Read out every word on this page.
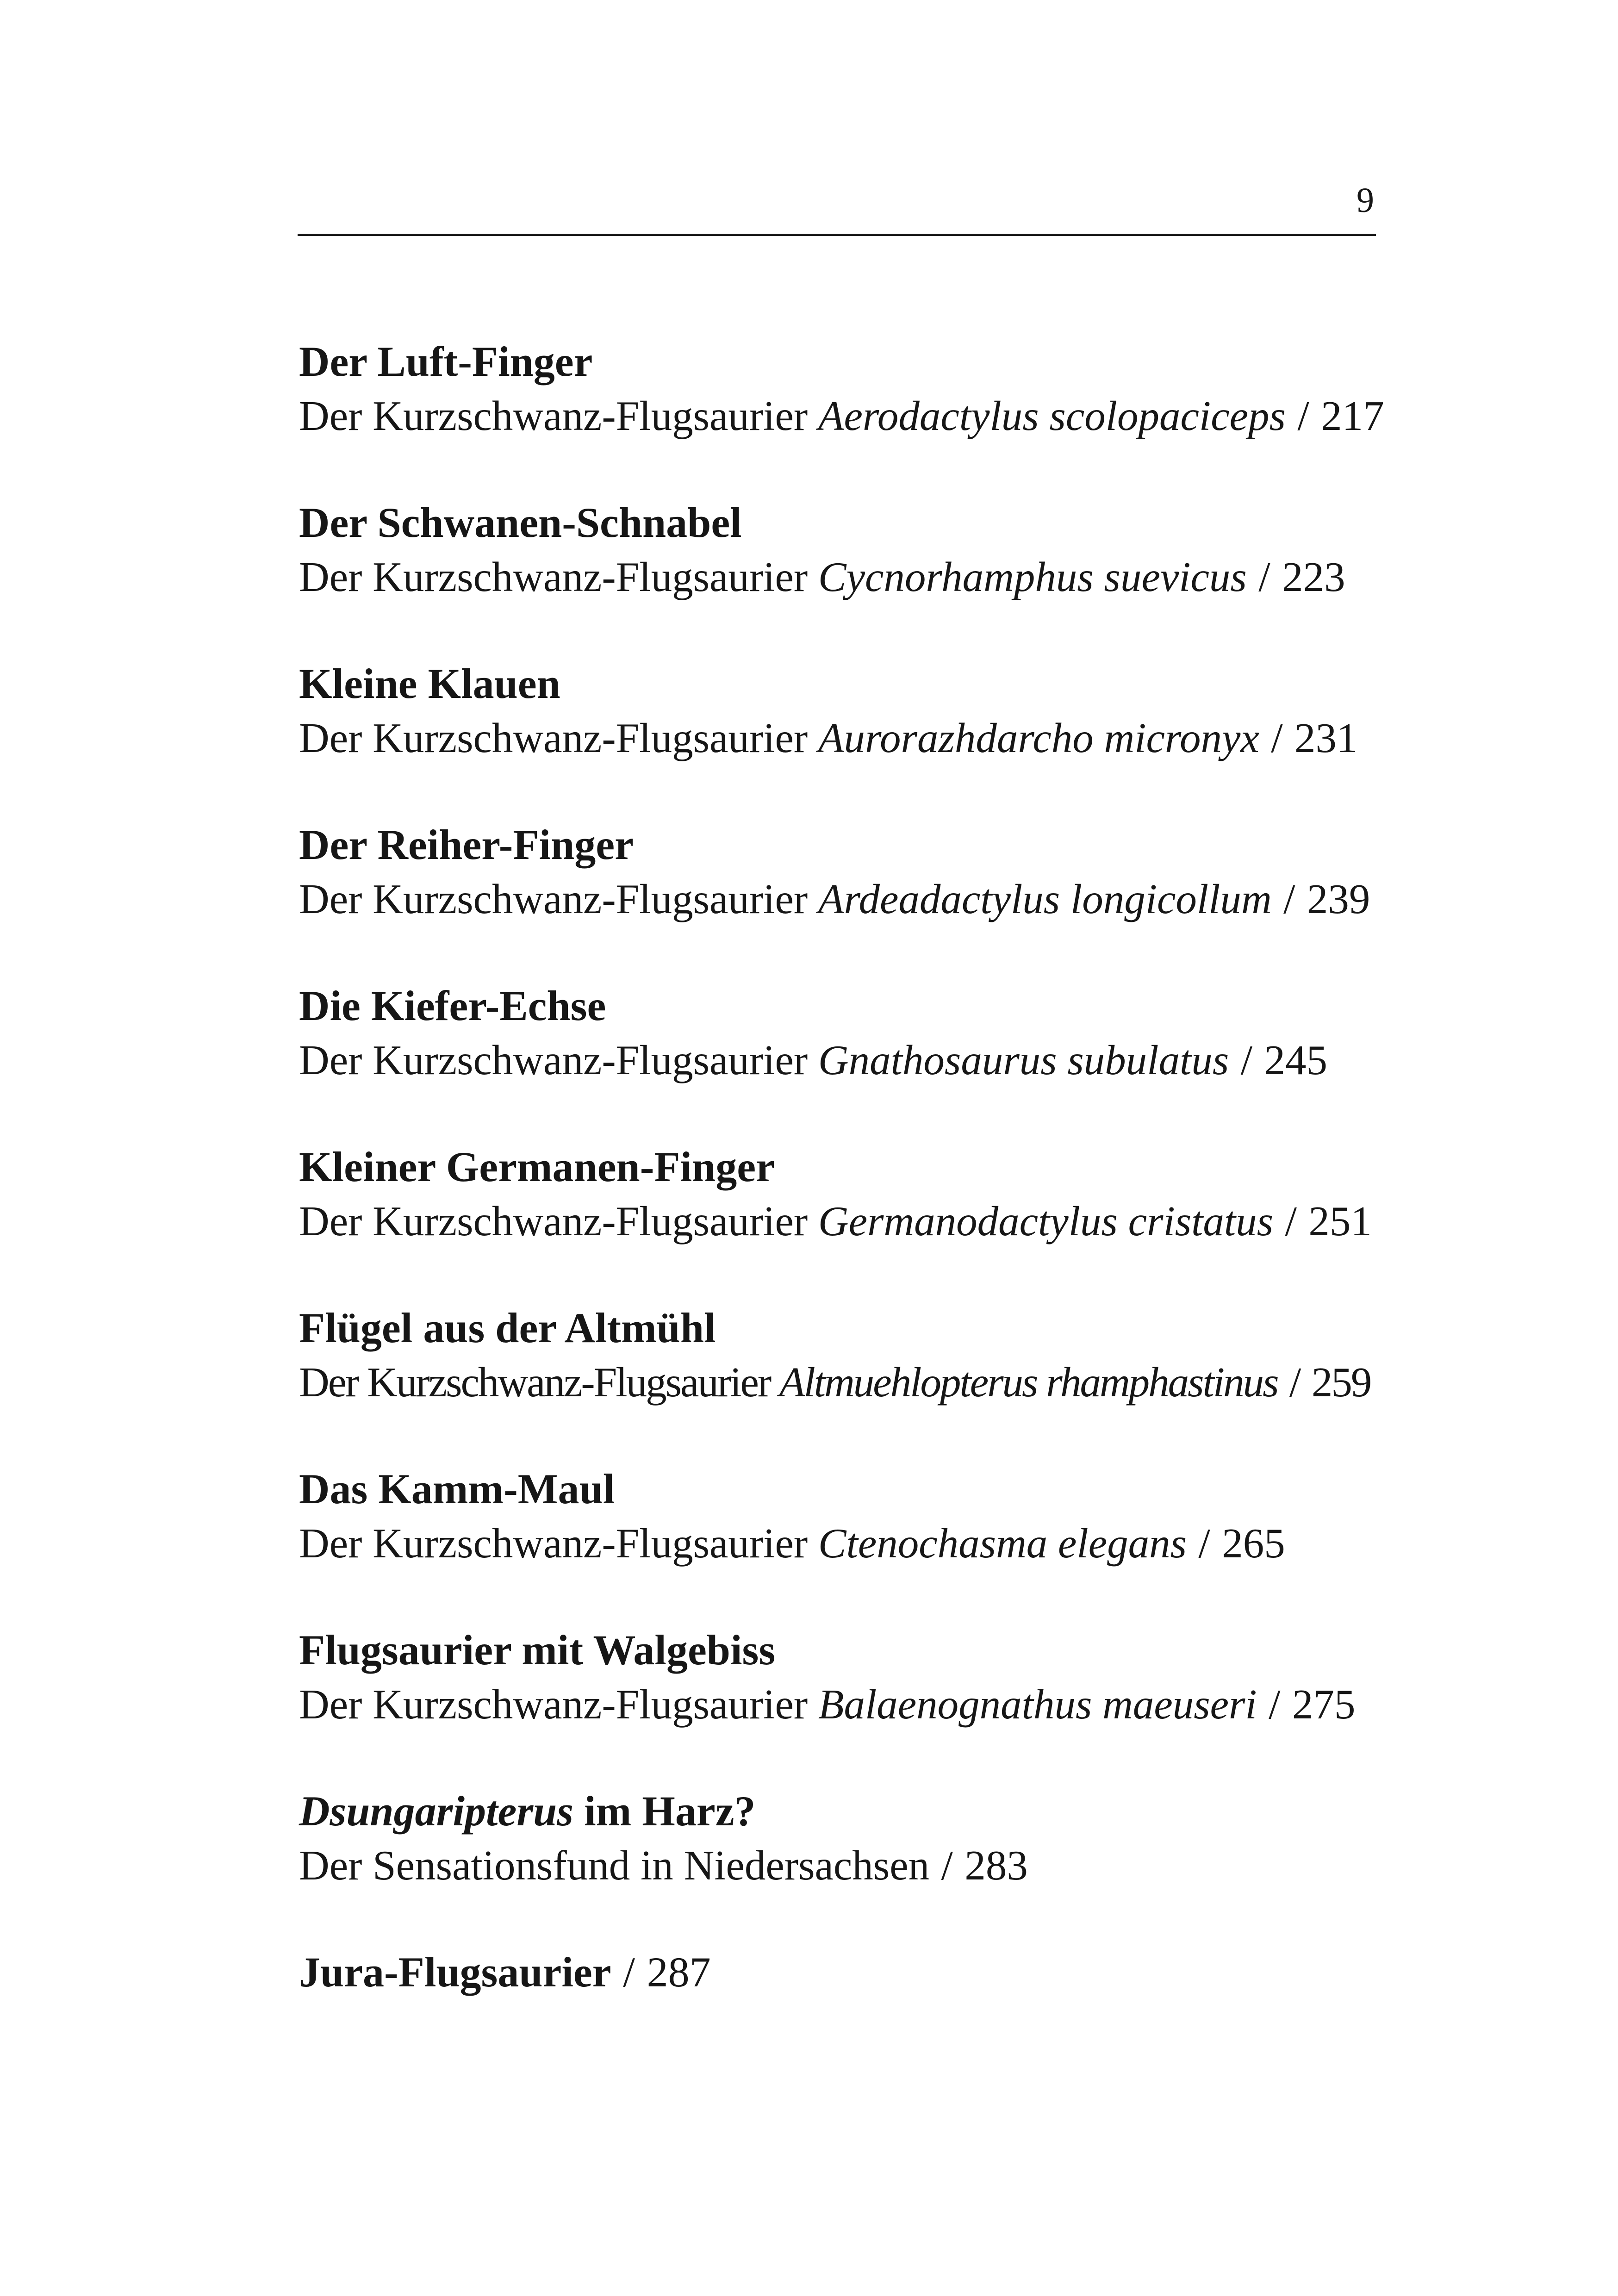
9
Der Luft-Finger
Der Kurzschwanz-Flugsaurier Aerodactylus scolopaciceps / 217
Der Schwanen-Schnabel
Der Kurzschwanz-Flugsaurier Cycnorhamphus suevicus / 223
Kleine Klauen
Der Kurzschwanz-Flugsaurier Aurorazhdarcho micronyx / 231
Der Reiher-Finger
Der Kurzschwanz-Flugsaurier Ardeadactylus longicollum / 239
Die Kiefer-Echse
Der Kurzschwanz-Flugsaurier Gnathosaurus subulatus / 245
Kleiner Germanen-Finger
Der Kurzschwanz-Flugsaurier Germanodactylus cristatus / 251
Flügel aus der Altmühl
Der Kurzschwanz-Flugsaurier Altmuehlopterus rhamphastinus / 259
Das Kamm-Maul
Der Kurzschwanz-Flugsaurier Ctenochasma elegans / 265
Flugsaurier mit Walgebiss
Der Kurzschwanz-Flugsaurier Balaenognathus maeuseri / 275
Dsungaripterus im Harz?
Der Sensationsfund in Niedersachsen / 283
Jura-Flugsaurier / 287
